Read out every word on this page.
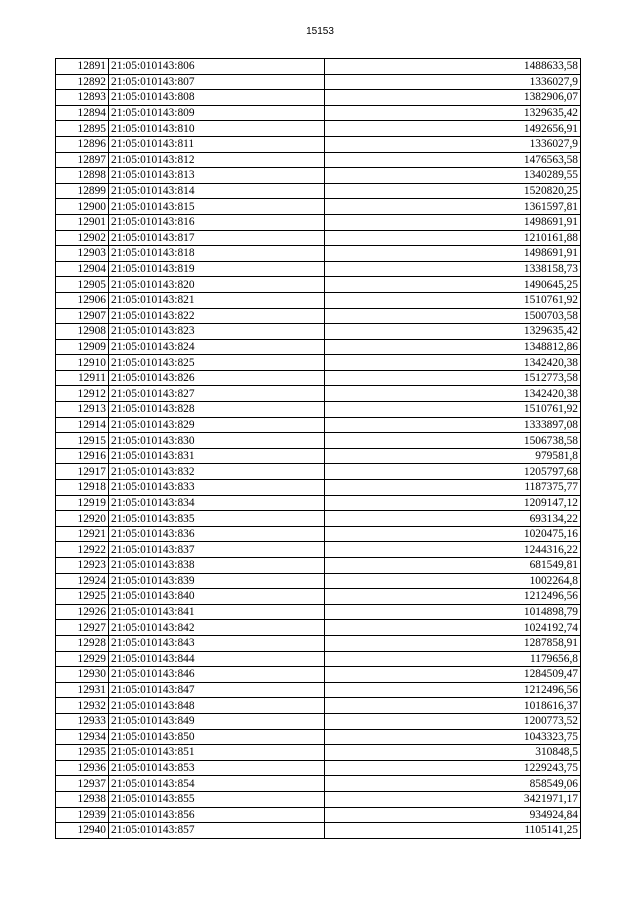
15153
12891	21:05:010143:806	1488633,58
12892	21:05:010143:807	1336027,9
12893	21:05:010143:808	1382906,07
12894	21:05:010143:809	1329635,42
12895	21:05:010143:810	1492656,91
12896	21:05:010143:811	1336027,9
12897	21:05:010143:812	1476563,58
12898	21:05:010143:813	1340289,55
12899	21:05:010143:814	1520820,25
12900	21:05:010143:815	1361597,81
12901	21:05:010143:816	1498691,91
12902	21:05:010143:817	1210161,88
12903	21:05:010143:818	1498691,91
12904	21:05:010143:819	1338158,73
12905	21:05:010143:820	1490645,25
12906	21:05:010143:821	1510761,92
12907	21:05:010143:822	1500703,58
12908	21:05:010143:823	1329635,42
12909	21:05:010143:824	1348812,86
12910	21:05:010143:825	1342420,38
12911	21:05:010143:826	1512773,58
12912	21:05:010143:827	1342420,38
12913	21:05:010143:828	1510761,92
12914	21:05:010143:829	1333897,08
12915	21:05:010143:830	1506738,58
12916	21:05:010143:831	979581,8
12917	21:05:010143:832	1205797,68
12918	21:05:010143:833	1187375,77
12919	21:05:010143:834	1209147,12
12920	21:05:010143:835	693134,22
12921	21:05:010143:836	1020475,16
12922	21:05:010143:837	1244316,22
12923	21:05:010143:838	681549,81
12924	21:05:010143:839	1002264,8
12925	21:05:010143:840	1212496,56
12926	21:05:010143:841	1014898,79
12927	21:05:010143:842	1024192,74
12928	21:05:010143:843	1287858,91
12929	21:05:010143:844	1179656,8
12930	21:05:010143:846	1284509,47
12931	21:05:010143:847	1212496,56
12932	21:05:010143:848	1018616,37
12933	21:05:010143:849	1200773,52
12934	21:05:010143:850	1043323,75
12935	21:05:010143:851	310848,5
12936	21:05:010143:853	1229243,75
12937	21:05:010143:854	858549,06
12938	21:05:010143:855	3421971,17
12939	21:05:010143:856	934924,84
12940	21:05:010143:857	1105141,25
